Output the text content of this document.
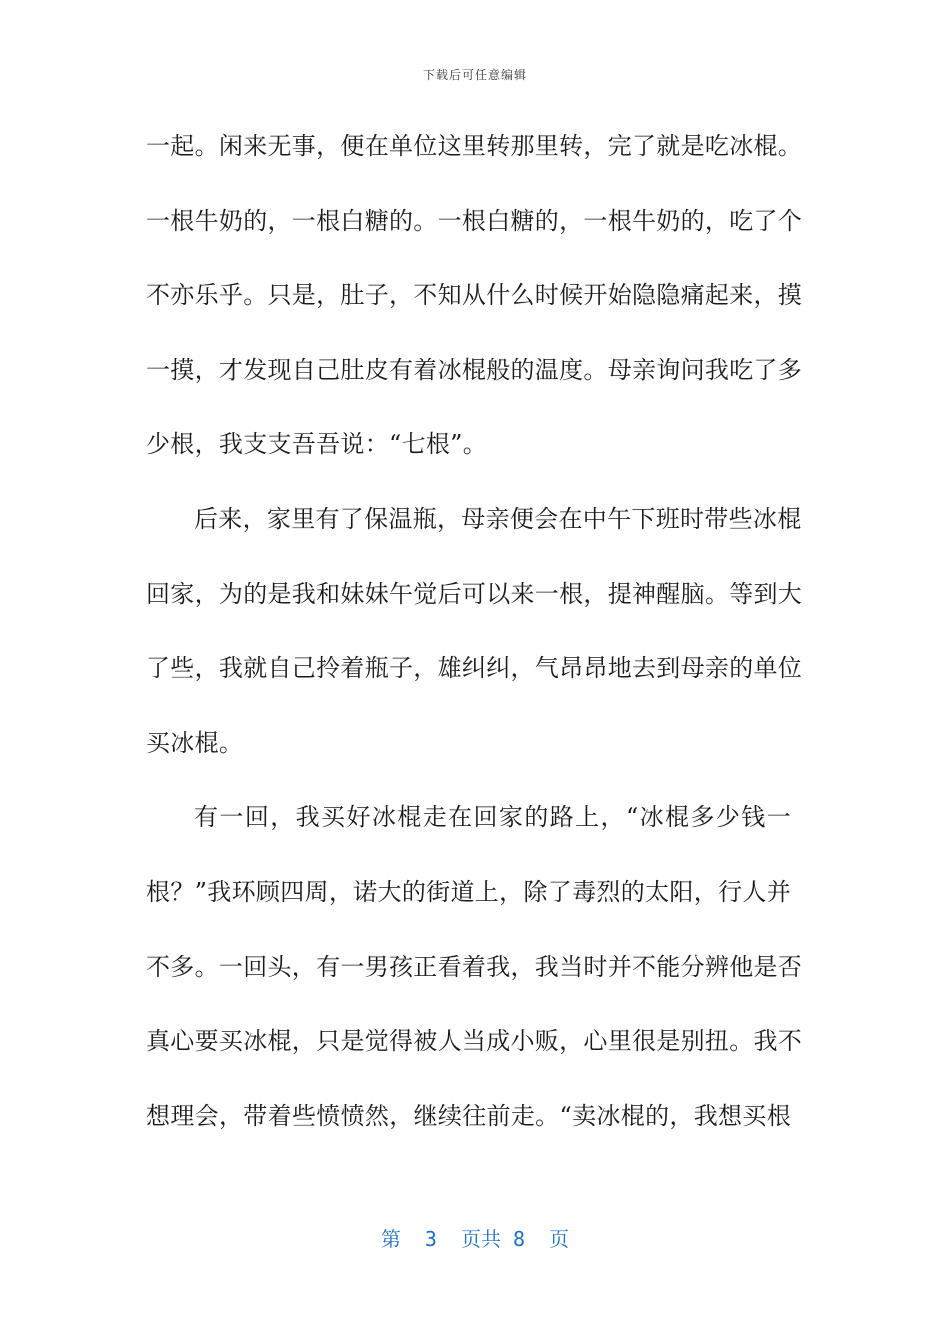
下载后可任意编辑
一起。闲来无事，便在单位这里转那里转，完了就是吃冰棍。
一根牛奶的，一根白糖的。一根白糖的，一根牛奶的，吃了个
不亦乐乎。只是，肚子，不知从什么时候开始隐隐痛起来，摸
一摸，才发现自己肚皮有着冰棍般的温度。母亲询问我吃了多
少根，我支支吾吾说：“七根”。
后来，家里有了保温瓶，母亲便会在中午下班时带些冰棍
回家，为的是我和妹妹午觉后可以来一根，提神醒脑。等到大
了些，我就自己拎着瓶子，雄纠纠，气昂昂地去到母亲的单位
买冰棍。
有一回，我买好冰棍走在回家的路上，“冰棍多少钱一
根？”我环顾四周，诺大的街道上，除了毒烈的太阳，行人并
不多。一回头，有一男孩正看着我，我当时并不能分辨他是否
真心要买冰棍，只是觉得被人当成小贩，心里很是别扭。我不
想理会，带着些愤愤然，继续往前走。“卖冰棍的，我想买根
第  3  页共 8  页
